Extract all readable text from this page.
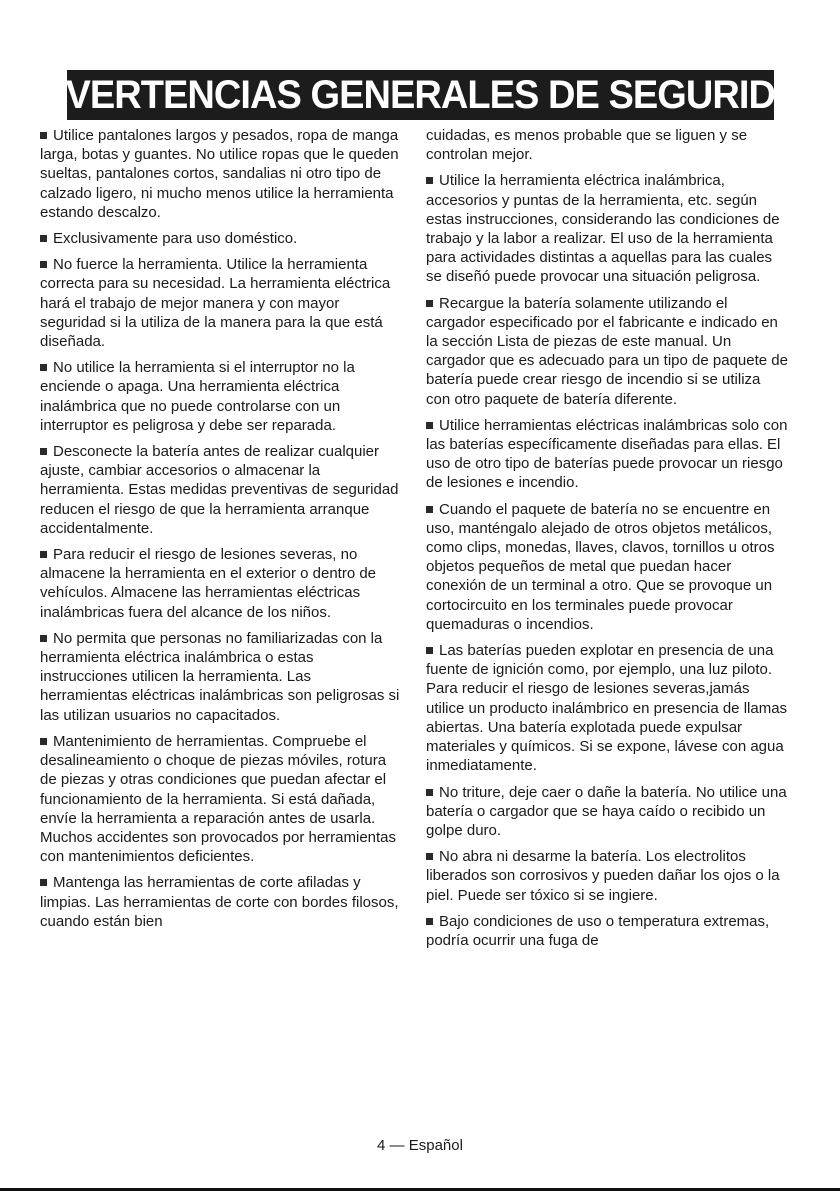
ADVERTENCIAS GENERALES DE SEGURIDAD

Utilice pantalones largos y pesados, ropa de manga larga, botas y guantes. No utilice ropas que le queden sueltas, pantalones cortos, sandalias ni otro tipo de calzado ligero, ni mucho menos utilice la herramienta estando descalzo.

Exclusivamente para uso doméstico.

No fuerce la herramienta. Utilice la herramienta correcta para su necesidad. La herramienta eléctrica hará el trabajo de mejor manera y con mayor seguridad si la utiliza de la manera para la que está diseñada.

No utilice la herramienta si el interruptor no la enciende o apaga. Una herramienta eléctrica inalámbrica que no puede controlarse con un interruptor es peligrosa y debe ser reparada.

Desconecte la batería antes de realizar cualquier ajuste, cambiar accesorios o almacenar la herramienta. Estas medidas preventivas de seguridad reducen el riesgo de que la herramienta arranque accidentalmente.

Para reducir el riesgo de lesiones severas, no almacene la herramienta en el exterior o dentro de vehículos. Almacene las herramientas eléctricas inalámbricas fuera del alcance de los niños.

No permita que personas no familiarizadas con la herramienta eléctrica inalámbrica o estas instrucciones utilicen la herramienta. Las herramientas eléctricas inalámbricas son peligrosas si las utilizan usuarios no capacitados.

Mantenimiento de herramientas. Compruebe el desalineamiento o choque de piezas móviles, rotura de piezas y otras condiciones que puedan afectar el funcionamiento de la herramienta. Si está dañada, envíe la herramienta a reparación antes de usarla. Muchos accidentes son provocados por herramientas con mantenimientos deficientes.

Mantenga las herramientas de corte afiladas y limpias. Las herramientas de corte con bordes filosos, cuando están bien

cuidadas, es menos probable que se liguen y se controlan mejor.

Utilice la herramienta eléctrica inalámbrica, accesorios y puntas de la herramienta, etc. según estas instrucciones, considerando las condiciones de trabajo y la labor a realizar. El uso de la herramienta para actividades distintas a aquellas para las cuales se diseñó puede provocar una situación peligrosa.

Recargue la batería solamente utilizando el cargador especificado por el fabricante e indicado en la sección Lista de piezas de este manual. Un cargador que es adecuado para un tipo de paquete de batería puede crear riesgo de incendio si se utiliza con otro paquete de batería diferente.

Utilice herramientas eléctricas inalámbricas solo con las baterías específicamente diseñadas para ellas. El uso de otro tipo de baterías puede provocar un riesgo de lesiones e incendio.

Cuando el paquete de batería no se encuentre en uso, manténgalo alejado de otros objetos metálicos, como clips, monedas, llaves, clavos, tornillos u otros objetos pequeños de metal que puedan hacer conexión de un terminal a otro. Que se provoque un cortocircuito en los terminales puede provocar quemaduras o incendios.

Las baterías pueden explotar en presencia de una fuente de ignición como, por ejemplo, una luz piloto. Para reducir el riesgo de lesiones severas,jamás utilice un producto inalámbrico en presencia de llamas abiertas. Una batería explotada puede expulsar materiales y químicos. Si se expone, lávese con agua inmediatamente.

No triture, deje caer o dañe la batería. No utilice una batería o cargador que se haya caído o recibido un golpe duro.

No abra ni desarme la batería. Los electrolitos liberados son corrosivos y pueden dañar los ojos o la piel. Puede ser tóxico si se ingiere.

Bajo condiciones de uso o temperatura extremas, podría ocurrir una fuga de

4 — Español
